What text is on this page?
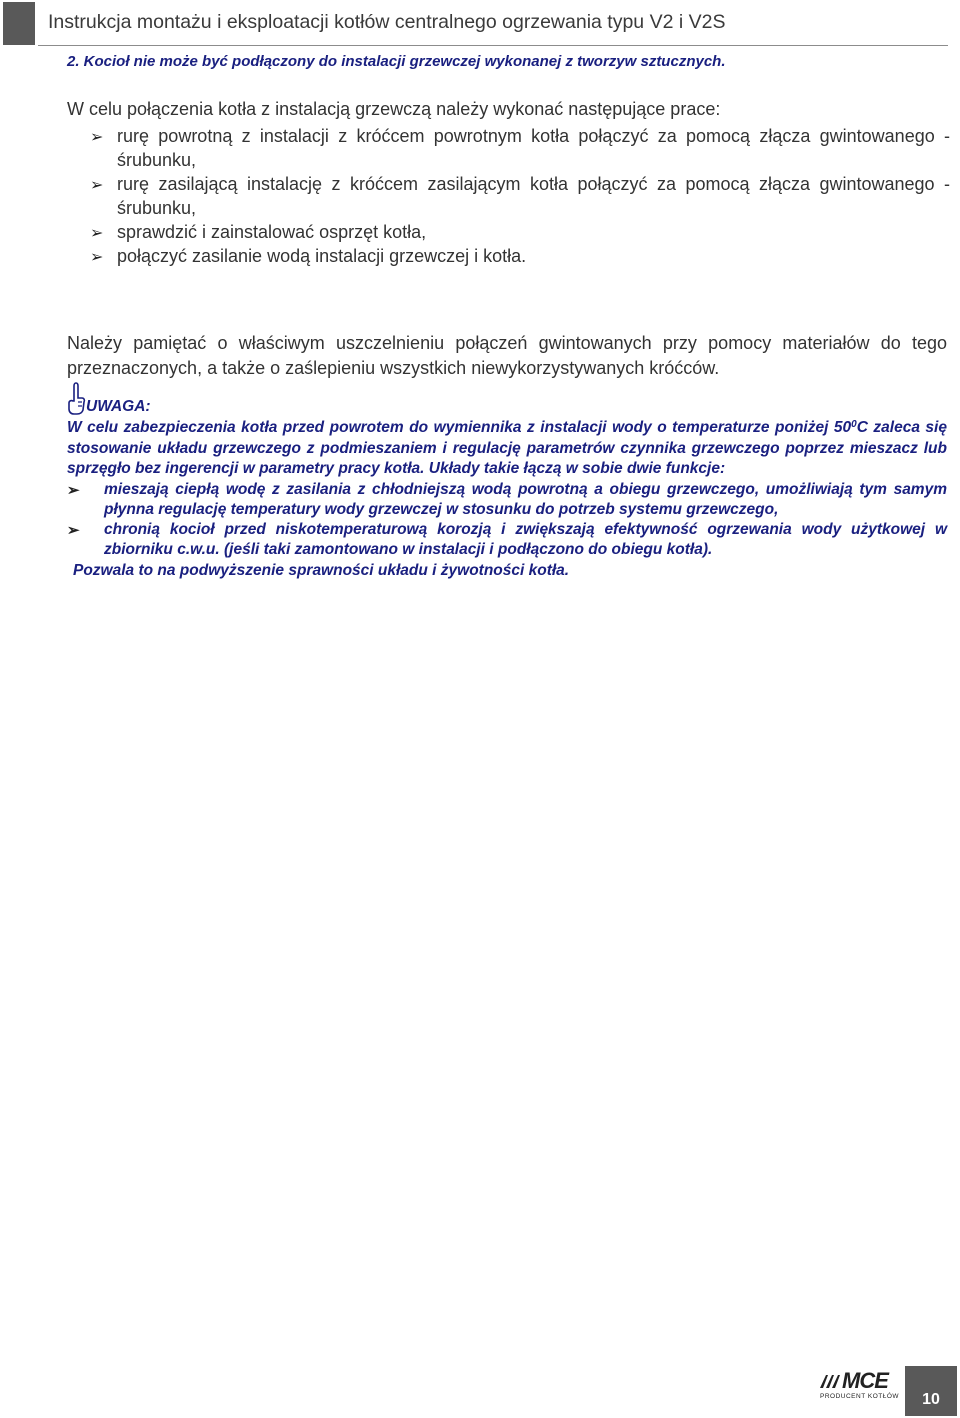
Instrukcja montażu i eksploatacji kotłów centralnego ogrzewania typu V2 i V2S
2. Kocioł nie może być podłączony do instalacji grzewczej wykonanej z tworzyw sztucznych.
W celu połączenia kotła z instalacją grzewczą należy wykonać następujące prace:
➢ rurę powrotną z instalacji z króćcem powrotnym kotła połączyć za pomocą złącza gwintowanego - śrubunku,
➢ rurę zasilającą instalację z króćcem zasilającym kotła połączyć za pomocą złącza gwintowanego - śrubunku,
➢ sprawdzić i zainstalować osprzęt kotła,
➢ połączyć zasilanie wodą instalacji grzewczej i kotła.
Należy pamiętać o właściwym uszczelnieniu połączeń gwintowanych przy pomocy materiałów do tego przeznaczonych, a także o zaślepieniu wszystkich niewykorzystywanych króćców.
UWAGA:
W celu zabezpieczenia kotła przed powrotem do wymiennika z instalacji wody o temperaturze poniżej $50^0C$ zaleca się stosowanie układu grzewczego z podmieszaniem i regulację parametrów czynnika grzewczego poprzez mieszacz lub sprzęgło bez ingerencji w parametry pracy kotła. Układy takie łączą w sobie dwie funkcje:
➢ mieszają ciepłą wodę z zasilania z chłodniejszą wodą powrotną a obiegu grzewczego, umożliwiają tym samym płynna regulację temperatury wody grzewczej w stosunku do potrzeb systemu grzewczego,
➢ chronią kocioł przed niskotemperaturową korozją i zwiększają efektywność ogrzewania wody użytkowej w zbiorniku c.w.u. (jeśli taki zamontowano w instalacji i podłączono do obiegu kotła).
Pozwala to na podwyższenie sprawności układu i żywotności kotła.
MCE
PRODUCENT KOTŁÓW	10
